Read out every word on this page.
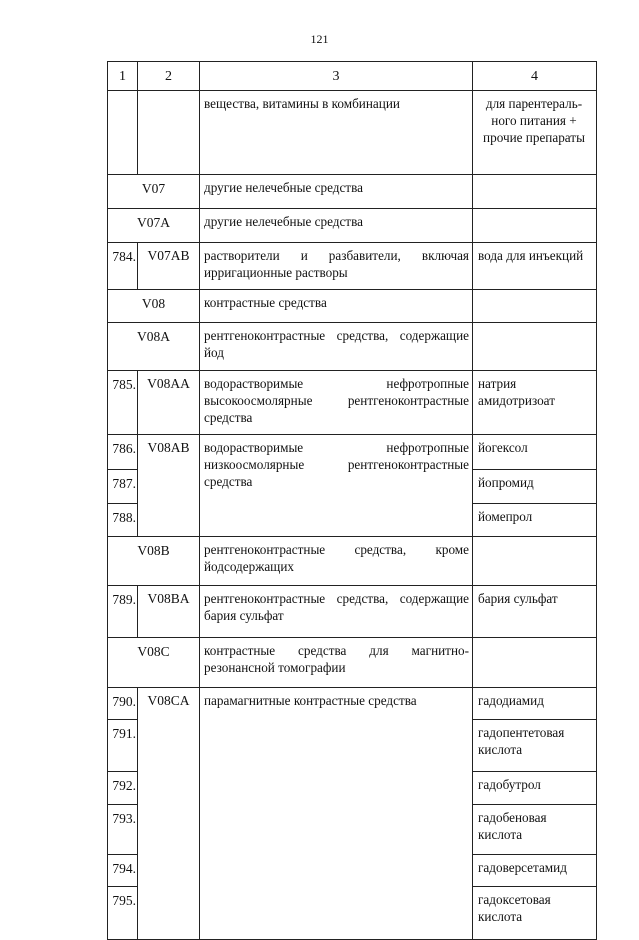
121
1	2	3	4
		вещества, витамины в комбинации	для парентераль-ного питания + прочие препараты
V07		другие нелечебные средства	
V07A		другие нелечебные средства	
784.	V07AB	растворители и разбавители, включая ирригационные растворы	вода для инъекций
V08		контрастные средства	
V08A		рентгеноконтрастные средства, содержащие йод	
785.	V08AA	водорастворимые нефротропные высокоосмолярные рентгеноконтрастные средства	натрия амидотризоат
786.	V08AB	водорастворимые нефротропные низкоосмолярные рентгеноконтрастные средства	йогексол
787.			йопромид
788.			йомепрол
V08B		рентгеноконтрастные средства, кроме йодсодержащих	
789.	V08BA	рентгеноконтрастные средства, содержащие бария сульфат	бария сульфат
V08C		контрастные средства для магнитно-резонансной томографии	
790.	V08CA	парамагнитные контрастные средства	гадодиамид
791.			гадопентетовая кислота
792.			гадобутрол
793.			гадобеновая кислота
794.			гадоверсетамид
795.			гадоксетовая кислота
